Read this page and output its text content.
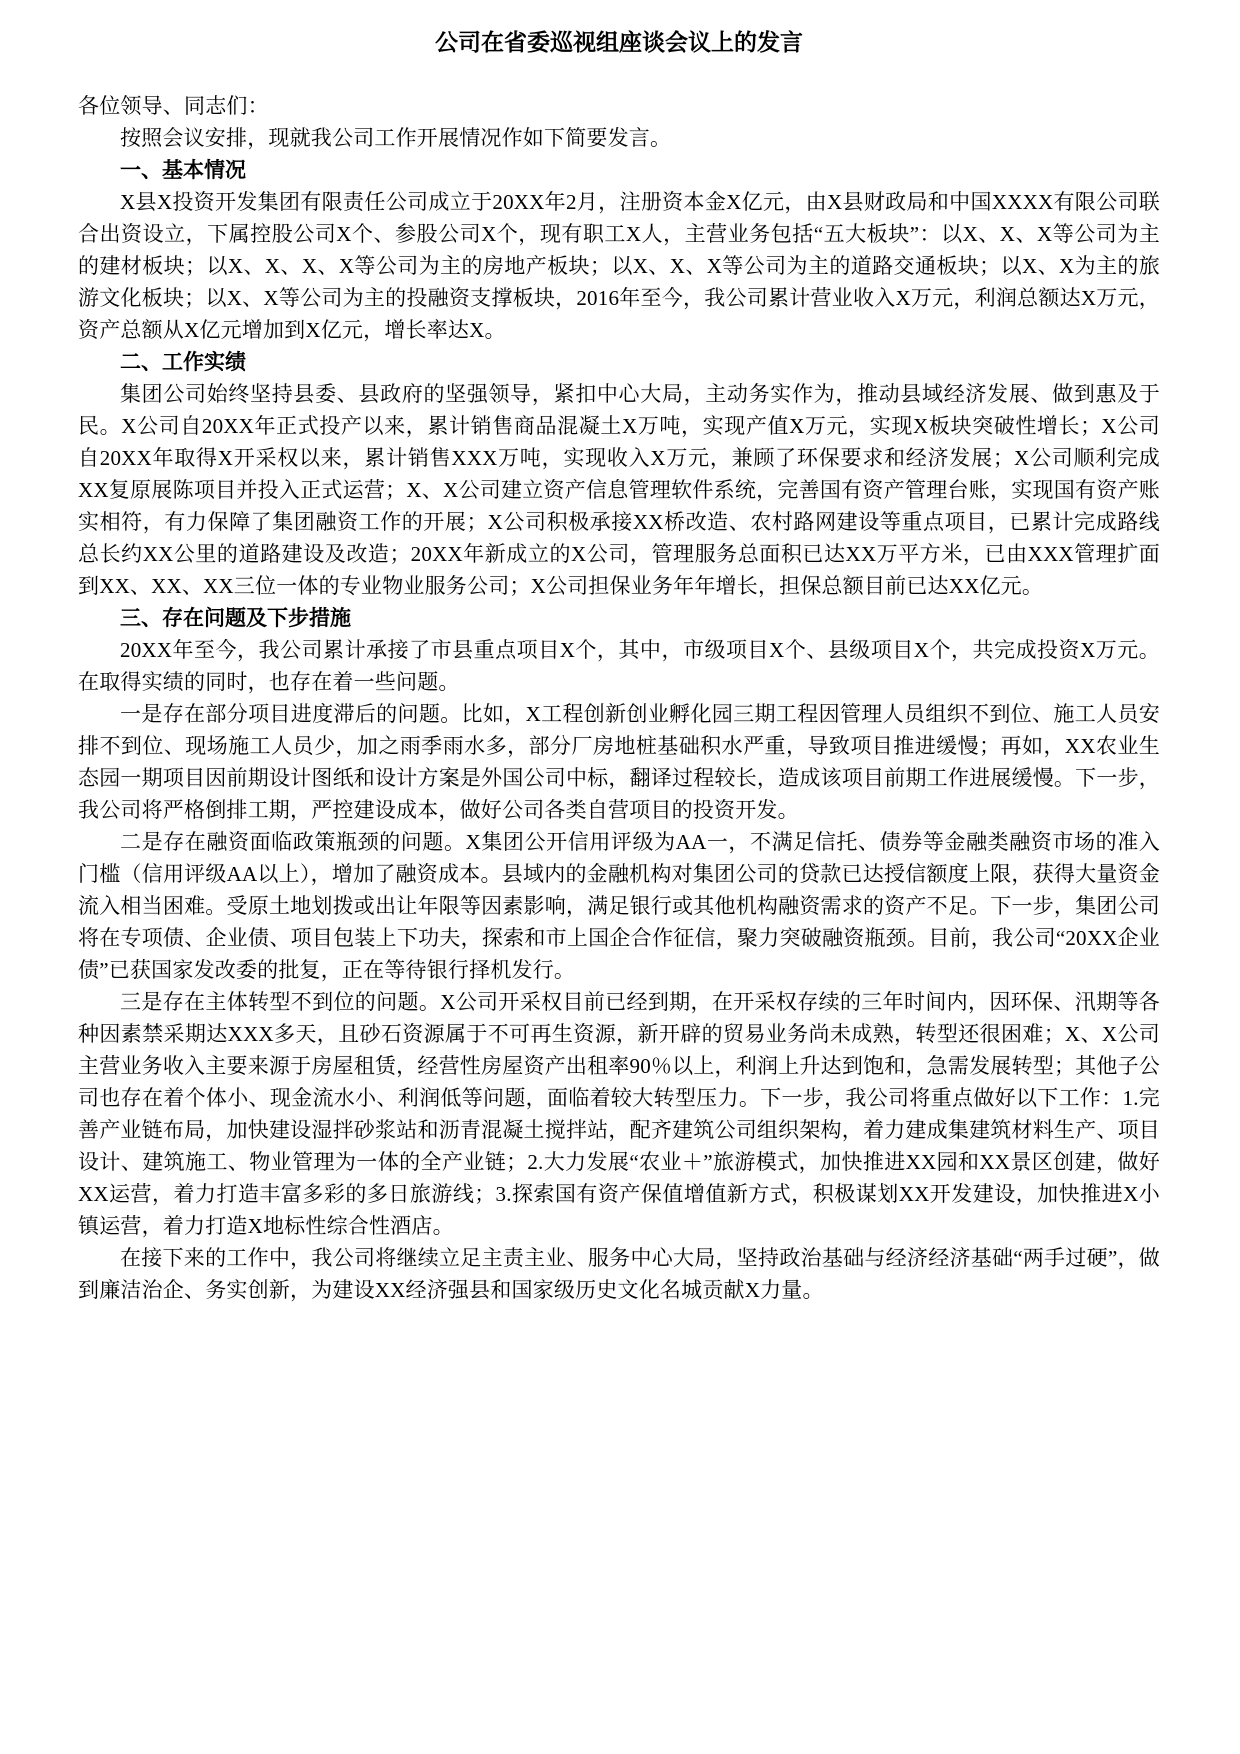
公司在省委巡视组座谈会议上的发言

各位领导、同志们：

按照会议安排，现就我公司工作开展情况作如下简要发言。

一、基本情况

X县X投资开发集团有限责任公司成立于20XX年2月，注册资本金X亿元，由X县财政局和中国XXXX有限公司联合出资设立，下属控股公司X个、参股公司X个，现有职工X人，主营业务包括“五大板块”：以X、X、X等公司为主的建材板块；以X、X、X、X等公司为主的房地产板块；以X、X、X等公司为主的道路交通板块；以X、X为主的旅游文化板块；以X、X等公司为主的投融资支撑板块，2016年至今，我公司累计营业收入X万元，利润总额达X万元，资产总额从X亿元增加到X亿元，增长率达X。

二、工作实绩

集团公司始终坚持县委、县政府的坚强领导，紧扣中心大局，主动务实作为，推动县域经济发展、做到惠及于民。X公司自20XX年正式投产以来，累计销售商品混凝土X万吨，实现产值X万元，实现X板块突破性增长；X公司自20XX年取得X开采权以来，累计销售XXX万吨，实现收入X万元，兼顾了环保要求和经济发展；X公司顺利完成XX复原展陈项目并投入正式运营；X、X公司建立资产信息管理软件系统，完善国有资产管理台账，实现国有资产账实相符，有力保障了集团融资工作的开展；X公司积极承接XX桥改造、农村路网建设等重点项目，已累计完成路线总长约XX公里的道路建设及改造；20XX年新成立的X公司，管理服务总面积已达XX万平方米，已由XXX管理扩面到XX、XX、XX三位一体的专业物业服务公司；X公司担保业务年年增长，担保总额目前已达XX亿元。

三、存在问题及下步措施

20XX年至今，我公司累计承接了市县重点项目X个，其中，市级项目X个、县级项目X个，共完成投资X万元。在取得实绩的同时，也存在着一些问题。

一是存在部分项目进度滞后的问题。比如，X工程创新创业孵化园三期工程因管理人员组织不到位、施工人员安排不到位、现场施工人员少，加之雨季雨水多，部分厂房地桩基础积水严重，导致项目推进缓慢；再如，XX农业生态园一期项目因前期设计图纸和设计方案是外国公司中标，翻译过程较长，造成该项目前期工作进展缓慢。下一步，我公司将严格倒排工期，严控建设成本，做好公司各类自营项目的投资开发。

二是存在融资面临政策瓶颈的问题。X集团公开信用评级为AA一，不满足信托、债券等金融类融资市场的准入门槛（信用评级AA以上），增加了融资成本。县域内的金融机构对集团公司的贷款已达授信额度上限，获得大量资金流入相当困难。受原土地划拨或出让年限等因素影响，满足银行或其他机构融资需求的资产不足。下一步，集团公司将在专项债、企业债、项目包装上下功夫，探索和市上国企合作征信，聚力突破融资瓶颈。目前，我公司“20XX企业债”已获国家发改委的批复，正在等待银行择机发行。

三是存在主体转型不到位的问题。X公司开采权目前已经到期，在开采权存续的三年时间内，因环保、汛期等各种因素禁采期达XXX多天，且砂石资源属于不可再生资源，新开辟的贸易业务尚未成熟，转型还很困难；X、X公司主营业务收入主要来源于房屋租赁，经营性房屋资产出租率90％以上，利润上升达到饱和，急需发展转型；其他子公司也存在着个体小、现金流水小、利润低等问题，面临着较大转型压力。下一步，我公司将重点做好以下工作：1.完善产业链布局，加快建设湿拌砂浆站和沥青混凝土搅拌站，配齐建筑公司组织架构，着力建成集建筑材料生产、项目设计、建筑施工、物业管理为一体的全产业链；2.大力发展“农业＋”旅游模式，加快推进XX园和XX景区创建，做好XX运营，着力打造丰富多彩的多日旅游线；3.探索国有资产保值增值新方式，积极谋划XX开发建设，加快推进X小镇运营，着力打造X地标性综合性酒店。

在接下来的工作中，我公司将继续立足主责主业、服务中心大局，坚持政治基础与经济经济基础“两手过硬”，做到廉洁治企、务实创新，为建设XX经济强县和国家级历史文化名城贡献X力量。
